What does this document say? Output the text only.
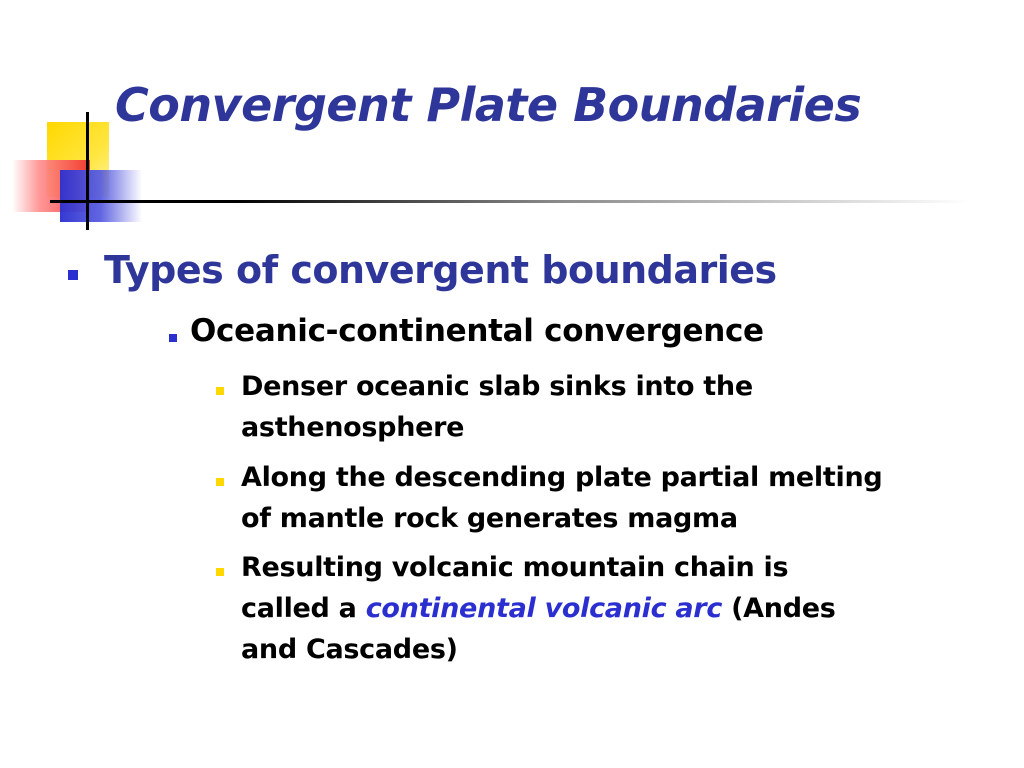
Convergent Plate Boundaries
Types of convergent boundaries
Oceanic-continental convergence
Denser oceanic slab sinks into the
asthenosphere
Along the descending plate partial melting
of mantle rock generates magma
Resulting volcanic mountain chain is
called a continental volcanic arc (Andes
and Cascades)
